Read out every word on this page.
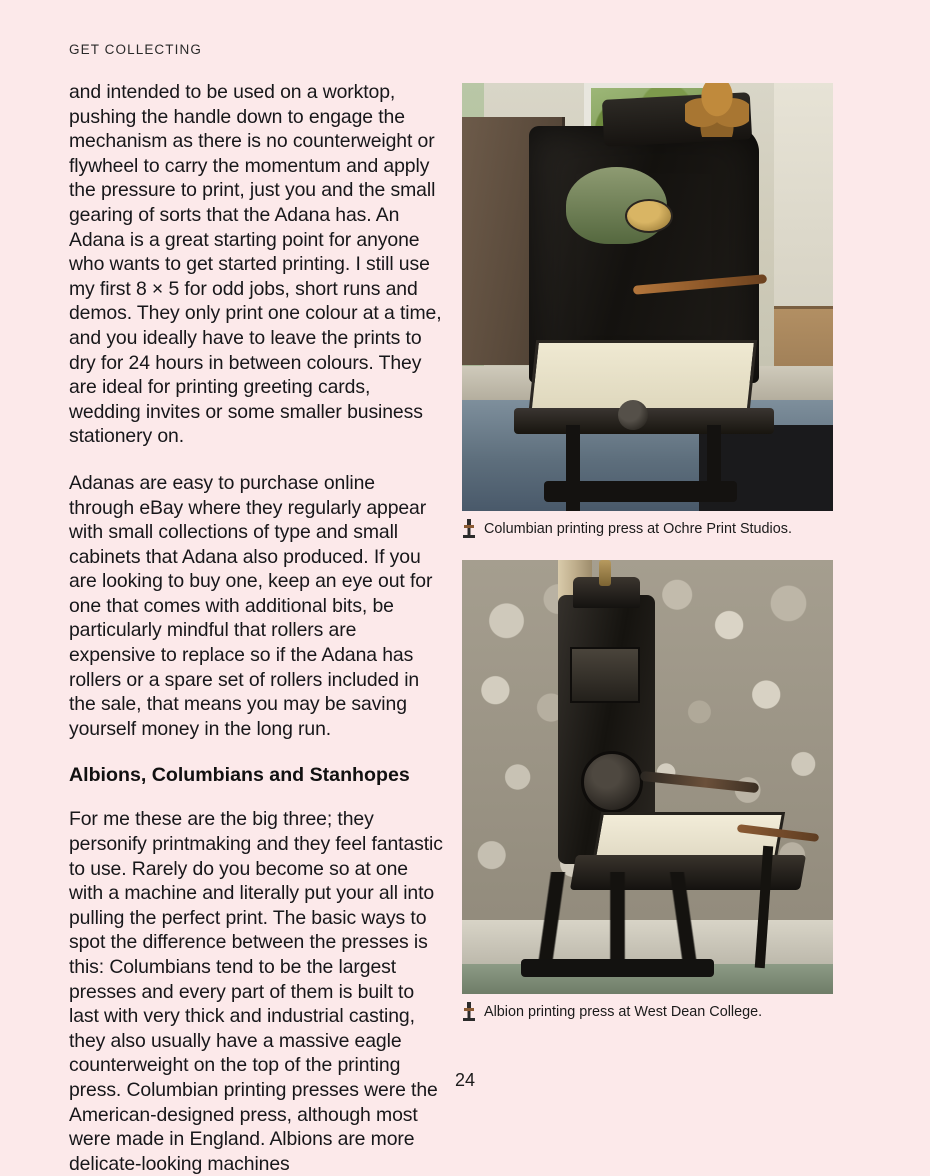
GET COLLECTING

and intended to be used on a worktop, pushing the handle down to engage the mechanism as there is no counterweight or flywheel to carry the momentum and apply the pressure to print, just you and the small gearing of sorts that the Adana has. An Adana is a great starting point for anyone who wants to get started printing. I still use my first 8 × 5 for odd jobs, short runs and demos. They only print one colour at a time, and you ideally have to leave the prints to dry for 24 hours in between colours. They are ideal for printing greeting cards, wedding invites or some smaller business stationery on.

Adanas are easy to purchase online through eBay where they regularly appear with small collections of type and small cabinets that Adana also produced. If you are looking to buy one, keep an eye out for one that comes with additional bits, be particularly mindful that rollers are expensive to replace so if the Adana has rollers or a spare set of rollers included in the sale, that means you may be saving yourself money in the long run.

Albions, Columbians and Stanhopes

For me these are the big three; they personify printmaking and they feel fantastic to use. Rarely do you become so at one with a machine and literally put your all into pulling the perfect print. The basic ways to spot the difference between the presses is this: Columbians tend to be the largest presses and every part of them is built to last with very thick and industrial casting, they also usually have a massive eagle counterweight on the top of the printing press. Columbian printing presses were the American-designed press, although most were made in England. Albions are more delicate-looking machines

Columbian printing press at Ochre Print Studios.
Albion printing press at West Dean College.
24
